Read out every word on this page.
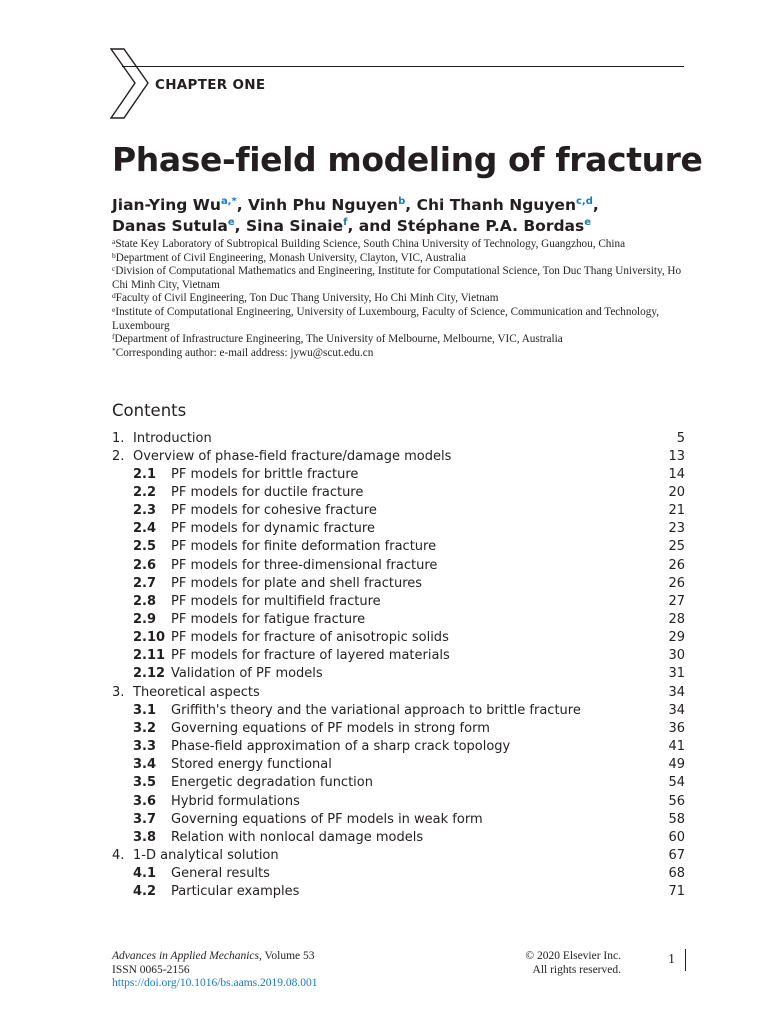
CHAPTER ONE
Phase-field modeling of fracture
Jian-Ying $Wu^{a,*}$, Vinh Phu Nguyen$^b$, Chi Thanh Nguyen$^{c,d}$,
Danas Sutula$^e$, Sina Sinaie$^f$, and Stéphane P.A. Bordas$^e$

$^a$State Key Laboratory of Subtropical Building Science, South China University of Technology, Guangzhou, China

$^b$Department of Civil Engineering, Monash University, Clayton, VIC, Australia

$^c$Division of Computational Mathematics and Engineering, Institute for Computational Science, Ton Duc Thang University, Ho Chi Minh City, Vietnam

$^d$Faculty of Civil Engineering, Ton Duc Thang University, Ho Chi Minh City, Vietnam

$^e$Institute of Computational Engineering, University of Luxembourg, Faculty of Science, Communication and Technology, Luxembourg

$^f$Department of Infrastructure Engineering, The University of Melbourne, Melbourne, VIC, Australia

*Corresponding author: e-mail address: jywu@scut.edu.cn

Contents
1. Introduction	5
2. Overview of phase-field fracture/damage models	13
2.1 PF models for brittle fracture	14
2.2 PF models for ductile fracture	20
2.3 PF models for cohesive fracture	21
2.4 PF models for dynamic fracture	23
2.5 PF models for finite deformation fracture	25
2.6 PF models for three-dimensional fracture	26
2.7 PF models for plate and shell fractures	26
2.8 PF models for multifield fracture	27
2.9 PF models for fatigue fracture	28
2.10 PF models for fracture of anisotropic solids	29
2.11 PF models for fracture of layered materials	30
2.12 Validation of PF models	31
3. Theoretical aspects	34
3.1 Griffith's theory and the variational approach to brittle fracture	34
3.2 Governing equations of PF models in strong form	36
3.3 Phase-field approximation of a sharp crack topology	41
3.4 Stored energy functional	49
3.5 Energetic degradation function	54
3.6 Hybrid formulations	56
3.7 Governing equations of PF models in weak form	58
3.8 Relation with nonlocal damage models	60
4. 1-D analytical solution	67
4.1 General results	68
4.2 Particular examples	71
Advances in Applied Mechanics, Volume 53
ISSN 0065-2156
https://doi.org/10.1016/bs.aams.2019.08.001
© 2020 Elsevier Inc.
All rights reserved.
1
